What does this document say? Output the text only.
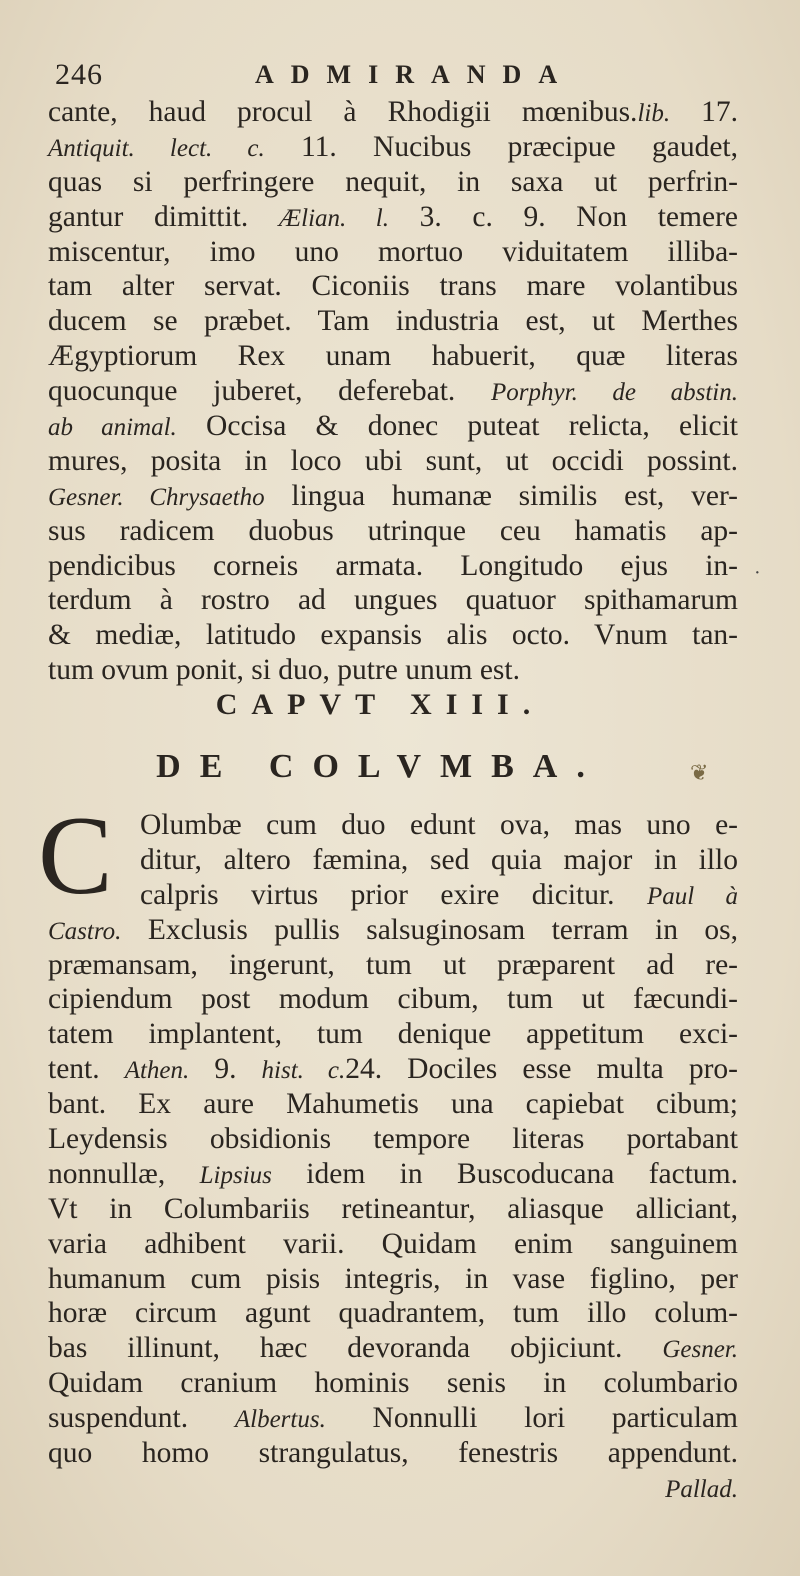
246	ADMIRANDA
cante, haud procul à Rhodigii mœnibus.lib. 17.
Antiquit. lect. c. 11. Nucibus præcipue gaudet,
quas si perfringere nequit, in saxa ut perfrin-
gantur dimittit. Ælian. l. 3. c. 9. Non temere
miscentur, imo uno mortuo viduitatem illiba-
tam alter servat. Ciconiis trans mare volantibus
ducem se præbet. Tam industria est, ut Merthes
Ægyptiorum Rex unam habuerit, quæ literas
quocunque juberet, deferebat. Porphyr. de abstin.
ab animal. Occisa & donec puteat relicta, elicit
mures, posita in loco ubi sunt, ut occidi possint.
Gesner. Chrysaetho lingua humanæ similis est, ver-
sus radicem duobus utrinque ceu hamatis ap-
pendicibus corneis armata. Longitudo ejus in-
terdum à rostro ad ungues quatuor spithamarum
& mediæ, latitudo expansis alis octo. Vnum tan-
tum ovum ponit, si duo, putre unum est.
·
CAPVT XIII.
DE COLVMBA.	❦
C Olumbæ cum duo edunt ova, mas uno e-
ditur, altero fæmina, sed quia major in illo
calpris virtus prior exire dicitur. Paul à
Castro. Exclusis pullis salsuginosam terram in os,
præmansam, ingerunt, tum ut præparent ad re-
cipiendum post modum cibum, tum ut fæcundi-
tatem implantent, tum denique appetitum exci-
tent. Athen. 9. hist. c.24. Dociles esse multa pro-
bant. Ex aure Mahumetis una capiebat cibum;
Leydensis obsidionis tempore literas portabant
nonnullæ, Lipsius idem in Buscoducana factum.
Vt in Columbariis retineantur, aliasque alliciant,
varia adhibent varii. Quidam enim sanguinem
humanum cum pisis integris, in vase figlino, per
horæ circum agunt quadrantem, tum illo colum-
bas illinunt, hæc devoranda objiciunt. Gesner.
Quidam cranium hominis senis in columbario
suspendunt. Albertus. Nonnulli lori particulam
quo homo strangulatus, fenestris appendunt.
Pallad.
